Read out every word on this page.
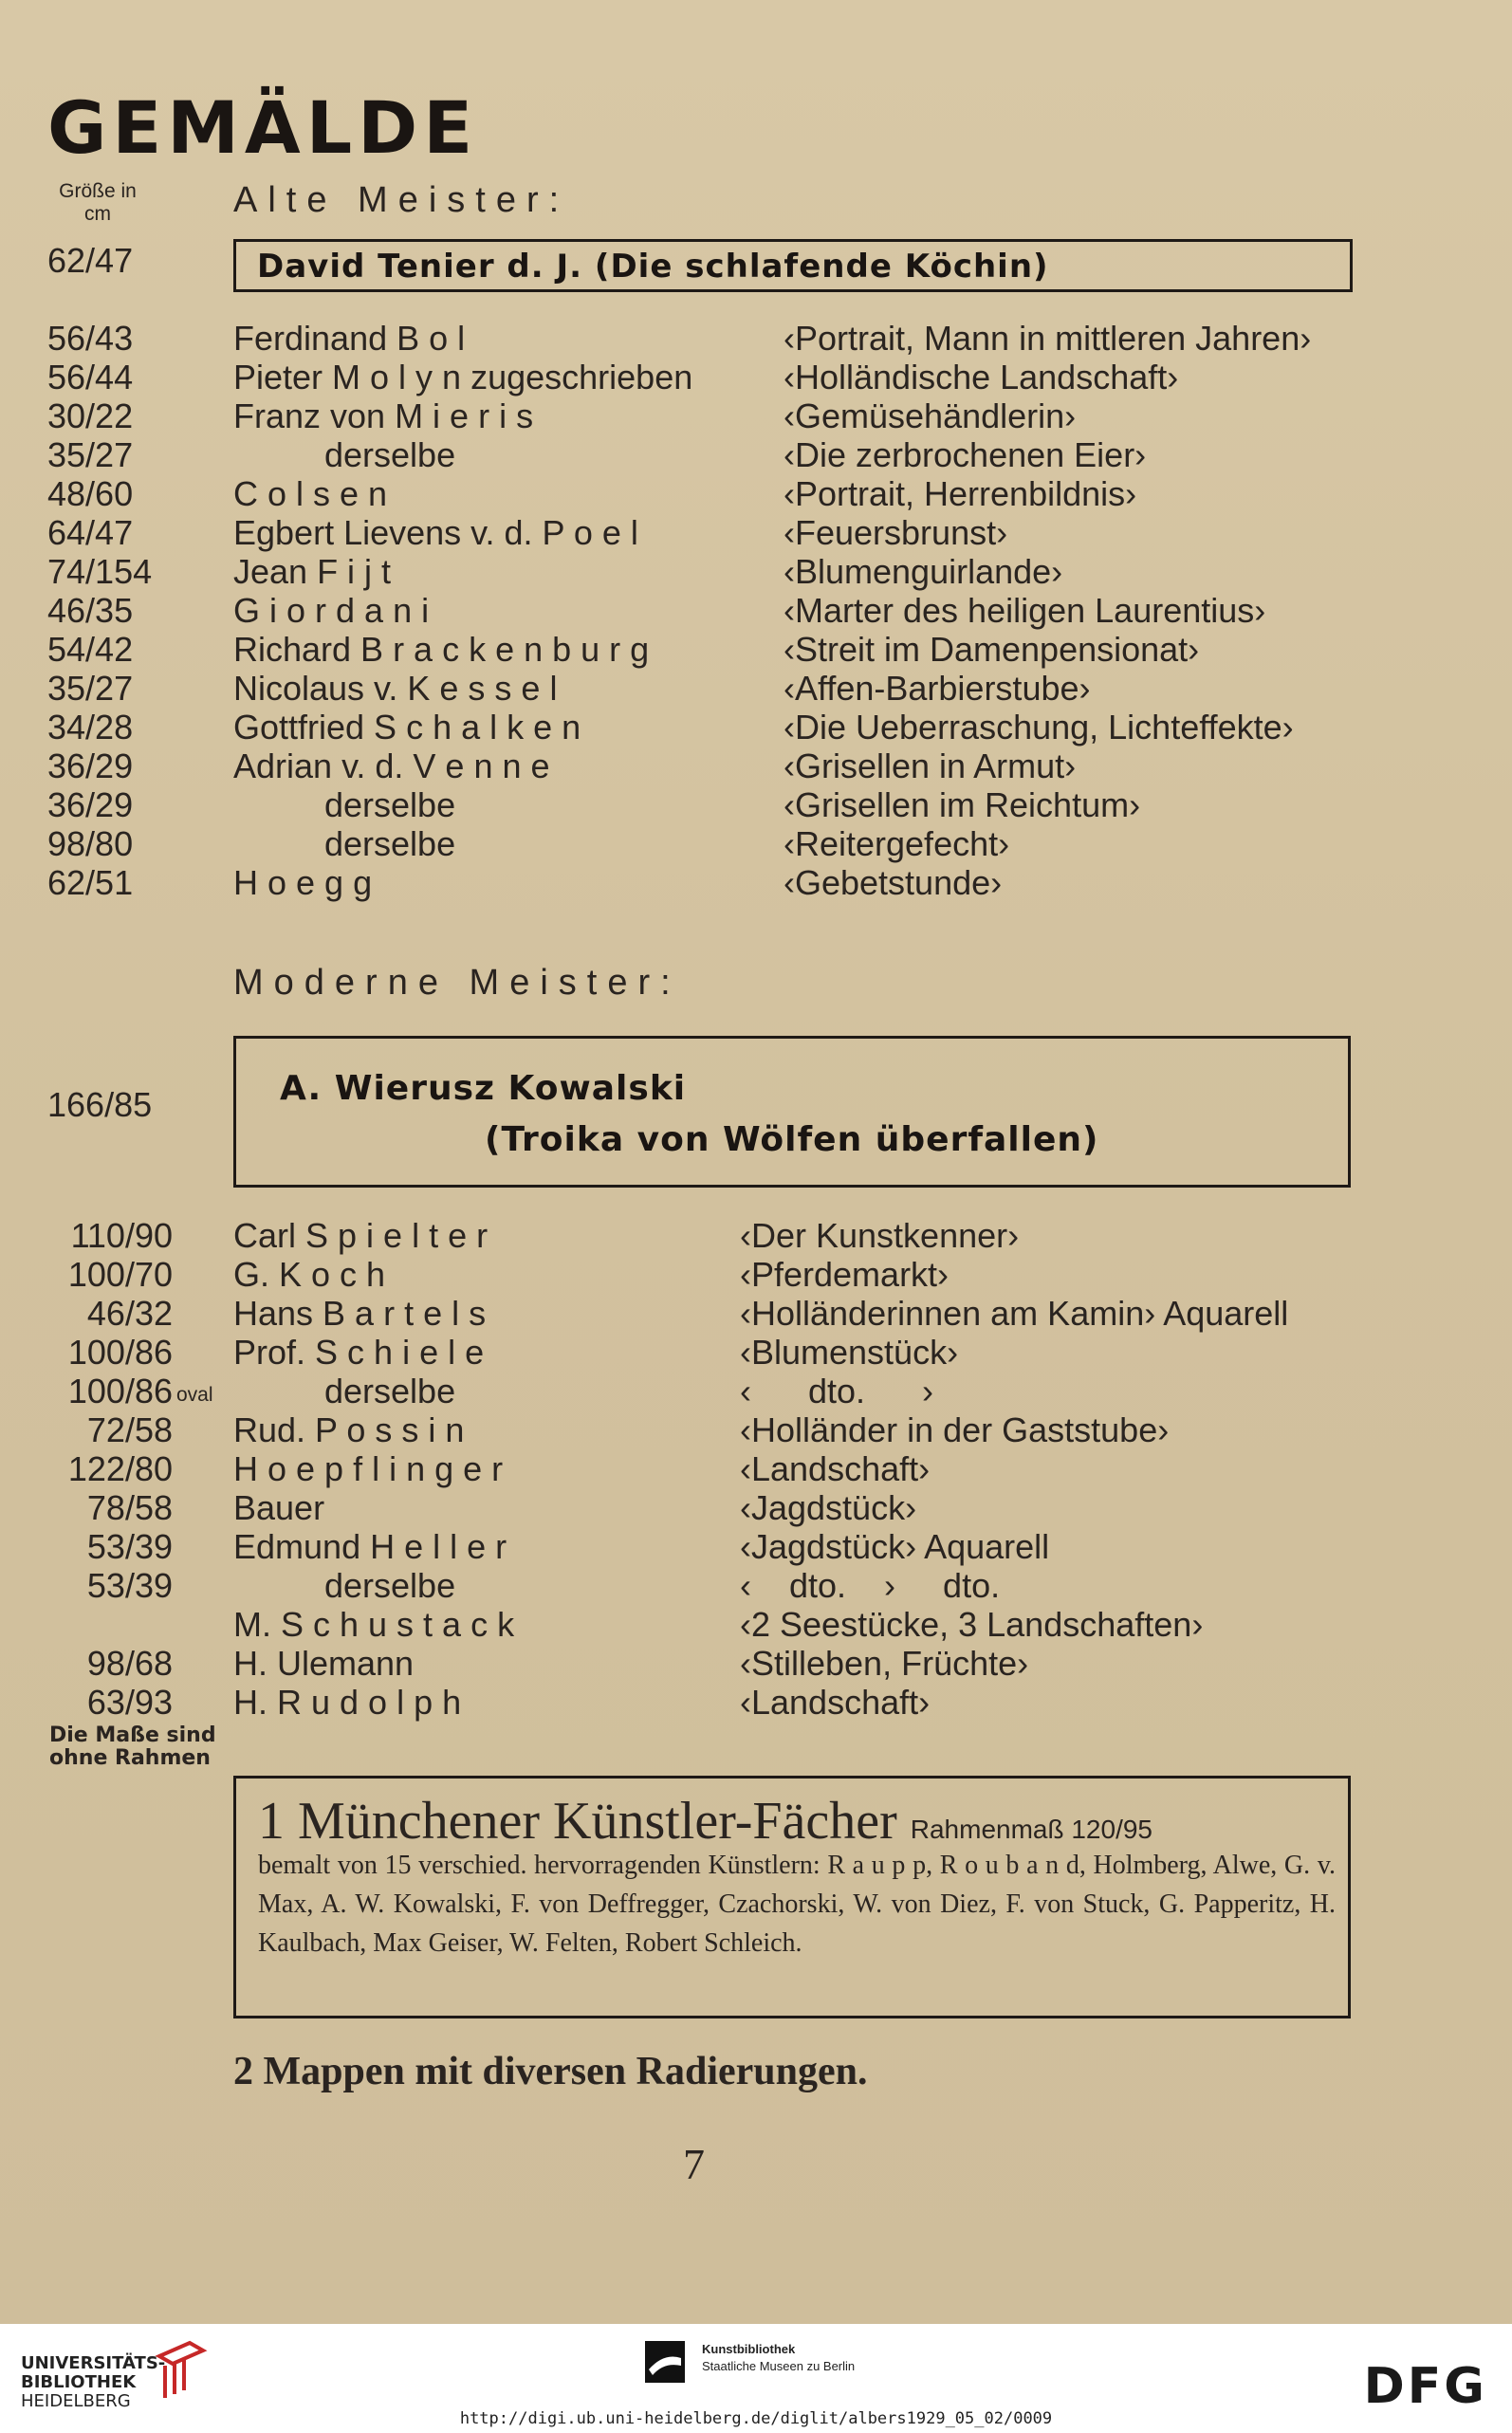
GEMÄLDE
Größe in cm	Alte Meister:
62/47	David Tenier d. J. (Die schlafende Köchin)
56/43	Ferdinand B o l	‹Portrait, Mann in mittleren Jahren›
56/44	Pieter M o l y n zugeschrieben	‹Holländische Landschaft›
30/22	Franz von M i e r i s	‹Gemüsehändlerin›
35/27	derselbe	‹Die zerbrochenen Eier›
48/60	C o l s e n	‹Portrait, Herrenbildnis›
64/47	Egbert Lievens v. d. P o e l	‹Feuersbrunst›
74/154 Jean F i j t	‹Blumenguirlande›
46/35	G i o r d a n i	‹Marter des heiligen Laurentius›
54/42	Richard B r a c k e n b u r g	‹Streit im Damenpensionat›
35/27	Nicolaus v. K e s s e l	‹Affen-Barbierstube›
34/28	Gottfried S c h a l k e n	‹Die Ueberraschung, Lichteffekte›
36/29	Adrian v. d. V e n n e	‹Grisellen in Armut›
36/29	derselbe	‹Grisellen im Reichtum›
98/80	derselbe	‹Reitergefecht›
62/51	H o e g g	‹Gebetstunde›
Moderne Meister:
166/85	A. Wierusz Kowalski
(Troika von Wölfen überfallen)
110/90 Carl S p i e l t e r	‹Der Kunstkenner›
100/70 G. K o c h	‹Pferdemarkt›
46/32 Hans B a r t e l s	‹Holländerinnen am Kamin› Aquarell
100/86 Prof. S c h i e l e	‹Blumenstück›
100/86 oval	derselbe	‹      dto.      ›
72/58 Rud. P o s s i n	‹Holländer in der Gaststube›
122/80 H o e p f l i n g e r	‹Landschaft›
78/58 Bauer	‹Jagdstück›
53/39 Edmund H e l l e r	‹Jagdstück› Aquarell
53/39	derselbe	‹    dto.    ›     dto.
M. S c h u s t a c k	‹2 Seestücke, 3 Landschaften›
98/68 H. Ulemann	‹Stilleben, Früchte›
63/93 H. R u d o l p h	‹Landschaft›
Die Maße sind
ohne Rahmen
1 Münchener Künstler-Fächer Rahmenmaß 120/95
bemalt von 15 verschied. hervorragenden Künstlern: R a u p p, R o u b a n d, Holmberg, Alwe, G. v. Max, A. W. Kowalski, F. von Deffregger, Czachorski, W. von Diez, F. von Stuck, G. Papperitz, H. Kaulbach, Max Geiser, W. Felten, Robert Schleich.
2 Mappen mit diversen Radierungen.
7
UNIVERSITÄTS-
BIBLIOTHEK
HEIDELBERG
Kunstbibliothek
Staatliche Museen zu Berlin	DFG
http://digi.ub.uni-heidelberg.de/diglit/albers1929_05_02/0009
